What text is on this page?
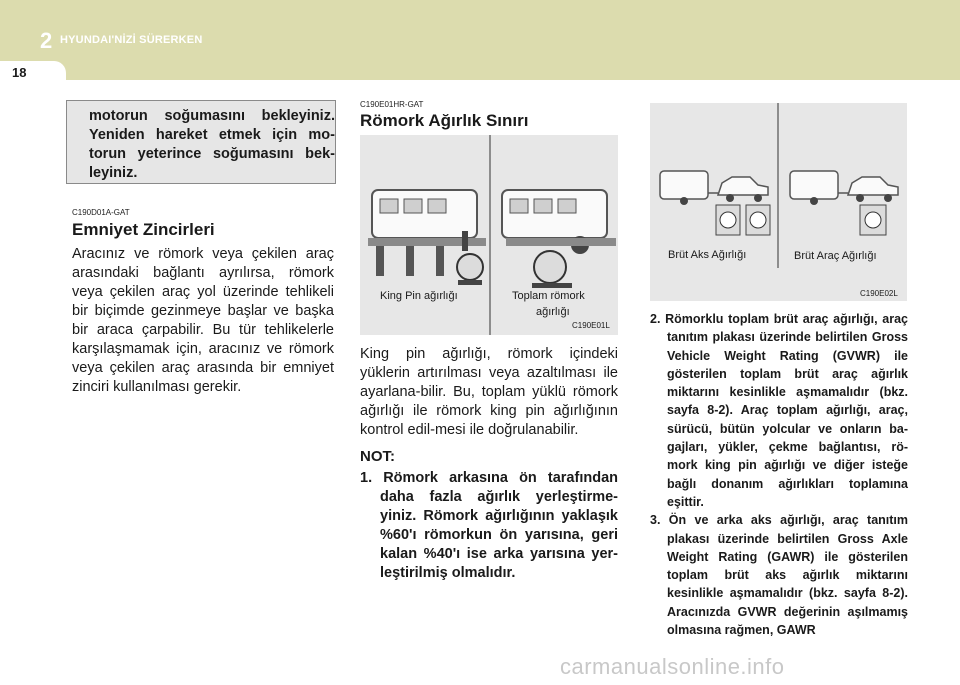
2 HYUNDAI'NİZİ SÜRERKEN
18
motorun soğumasını bekleyiniz. Yeniden hareket etmek için mo-torun yeterince soğumasını bek-leyiniz.
C190D01A-GAT
Emniyet Zincirleri
Aracınız ve römork veya çekilen araç arasındaki bağlantı ayrılırsa, römork veya çekilen araç yol üzerinde tehlikeli bir biçimde gezinmeye başlar ve başka bir araca çarpabilir. Bu tür tehlikelerle karşılaşmamak için, aracınız ve römork veya çekilen araç arasında bir emniyet zinciri kullanılması gerekir.
C190E01HR-GAT
Römork Ağırlık Sınırı
King Pin ağırlığı	Toplam römork
ağırlığı
C190E01L
King pin ağırlığı, römork içindeki yüklerin artırılması veya azaltılması ile ayarlana-bilir. Bu, toplam yüklü römork ağırlığı ile römork king pin ağırlığının kontrol edil-mesi ile doğrulanabilir.
NOT:
1. Römork arkasına ön tarafından daha fazla ağırlık yerleştirme-yiniz. Römork ağırlığının yaklaşık %60'ı römorkun ön yarısına, geri kalan %40'ı ise arka yarısına yer-leştirilmiş olmalıdır.
Brüt Aks Ağırlığı	Brüt Araç Ağırlığı
C190E02L
2. Römorklu toplam brüt araç ağırlığı, araç tanıtım plakası üzerinde belirtilen Gross Vehicle Weight Rating (GVWR) ile gösterilen toplam brüt araç ağırlık miktarını kesinlikle aşmamalıdır (bkz. sayfa 8-2). Araç toplam ağırlığı, araç, sürücü, bütün yolcular ve onların ba-gajları, yükler, çekme bağlantısı, rö-mork king pin ağırlığı ve diğer isteğe bağlı donanım ağırlıkları toplamına eşittir.
3. Ön ve arka aks ağırlığı, araç tanıtım plakası üzerinde belirtilen Gross Axle Weight Rating (GAWR) ile gösterilen toplam brüt aks ağırlık miktarını kesinlikle aşmamalıdır (bkz. sayfa 8-2). Aracınızda GVWR değerinin aşılmamış olmasına rağmen, GAWR
carmanualsonline.info
